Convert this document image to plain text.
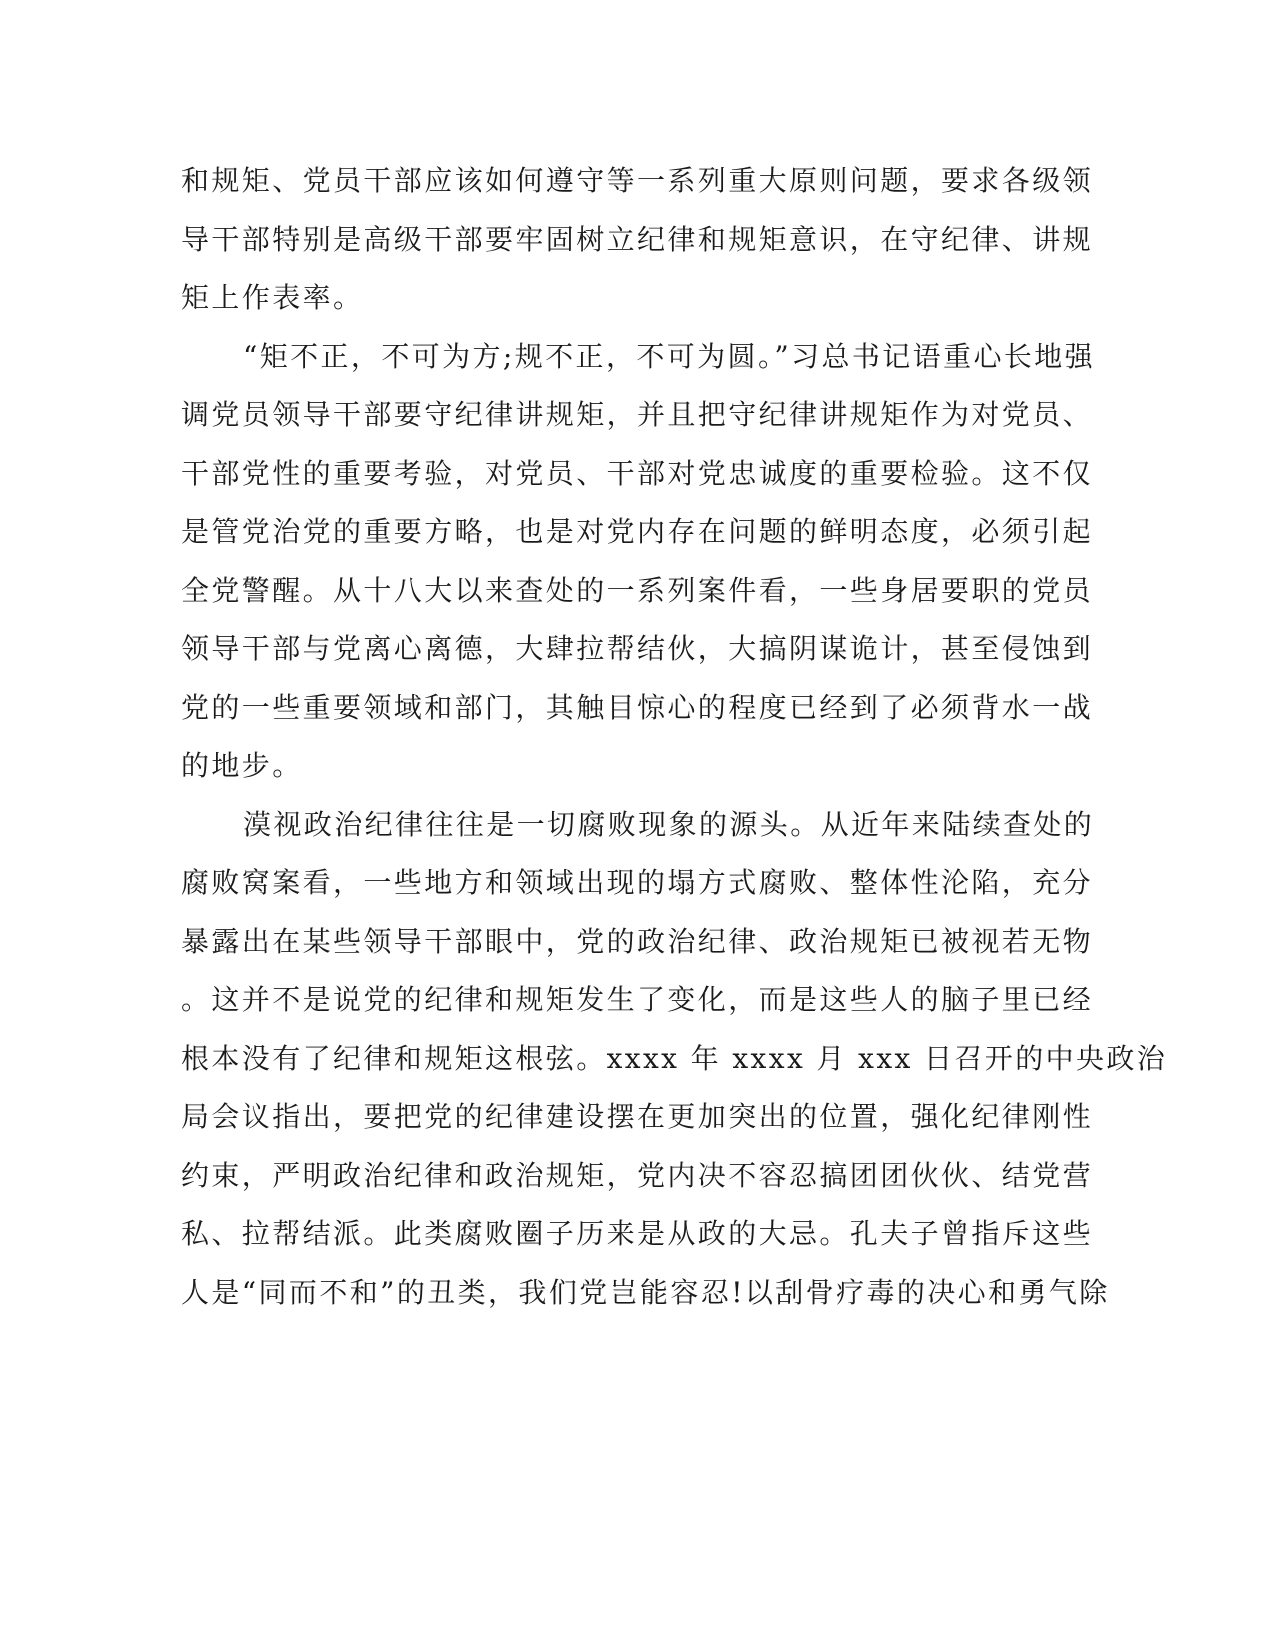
和规矩、党员干部应该如何遵守等一系列重大原则问题，要求各级领
导干部特别是高级干部要牢固树立纪律和规矩意识，在守纪律、讲规
矩上作表率。
“矩不正，不可为方;规不正，不可为圆。”习总书记语重心长地强
调党员领导干部要守纪律讲规矩，并且把守纪律讲规矩作为对党员、
干部党性的重要考验，对党员、干部对党忠诚度的重要检验。这不仅
是管党治党的重要方略，也是对党内存在问题的鲜明态度，必须引起
全党警醒。从十八大以来查处的一系列案件看，一些身居要职的党员
领导干部与党离心离德，大肆拉帮结伙，大搞阴谋诡计，甚至侵蚀到
党的一些重要领域和部门，其触目惊心的程度已经到了必须背水一战
的地步。
漠视政治纪律往往是一切腐败现象的源头。从近年来陆续查处的
腐败窝案看，一些地方和领域出现的塌方式腐败、整体性沦陷，充分
暴露出在某些领导干部眼中，党的政治纪律、政治规矩已被视若无物
。这并不是说党的纪律和规矩发生了变化，而是这些人的脑子里已经
根本没有了纪律和规矩这根弦。xxxx 年 xxxx 月 xxx 日召开的中央政治
局会议指出，要把党的纪律建设摆在更加突出的位置，强化纪律刚性
约束，严明政治纪律和政治规矩，党内决不容忍搞团团伙伙、结党营
私、拉帮结派。此类腐败圈子历来是从政的大忌。孔夫子曾指斥这些
人是“同而不和”的丑类，我们党岂能容忍!以刮骨疗毒的决心和勇气除
